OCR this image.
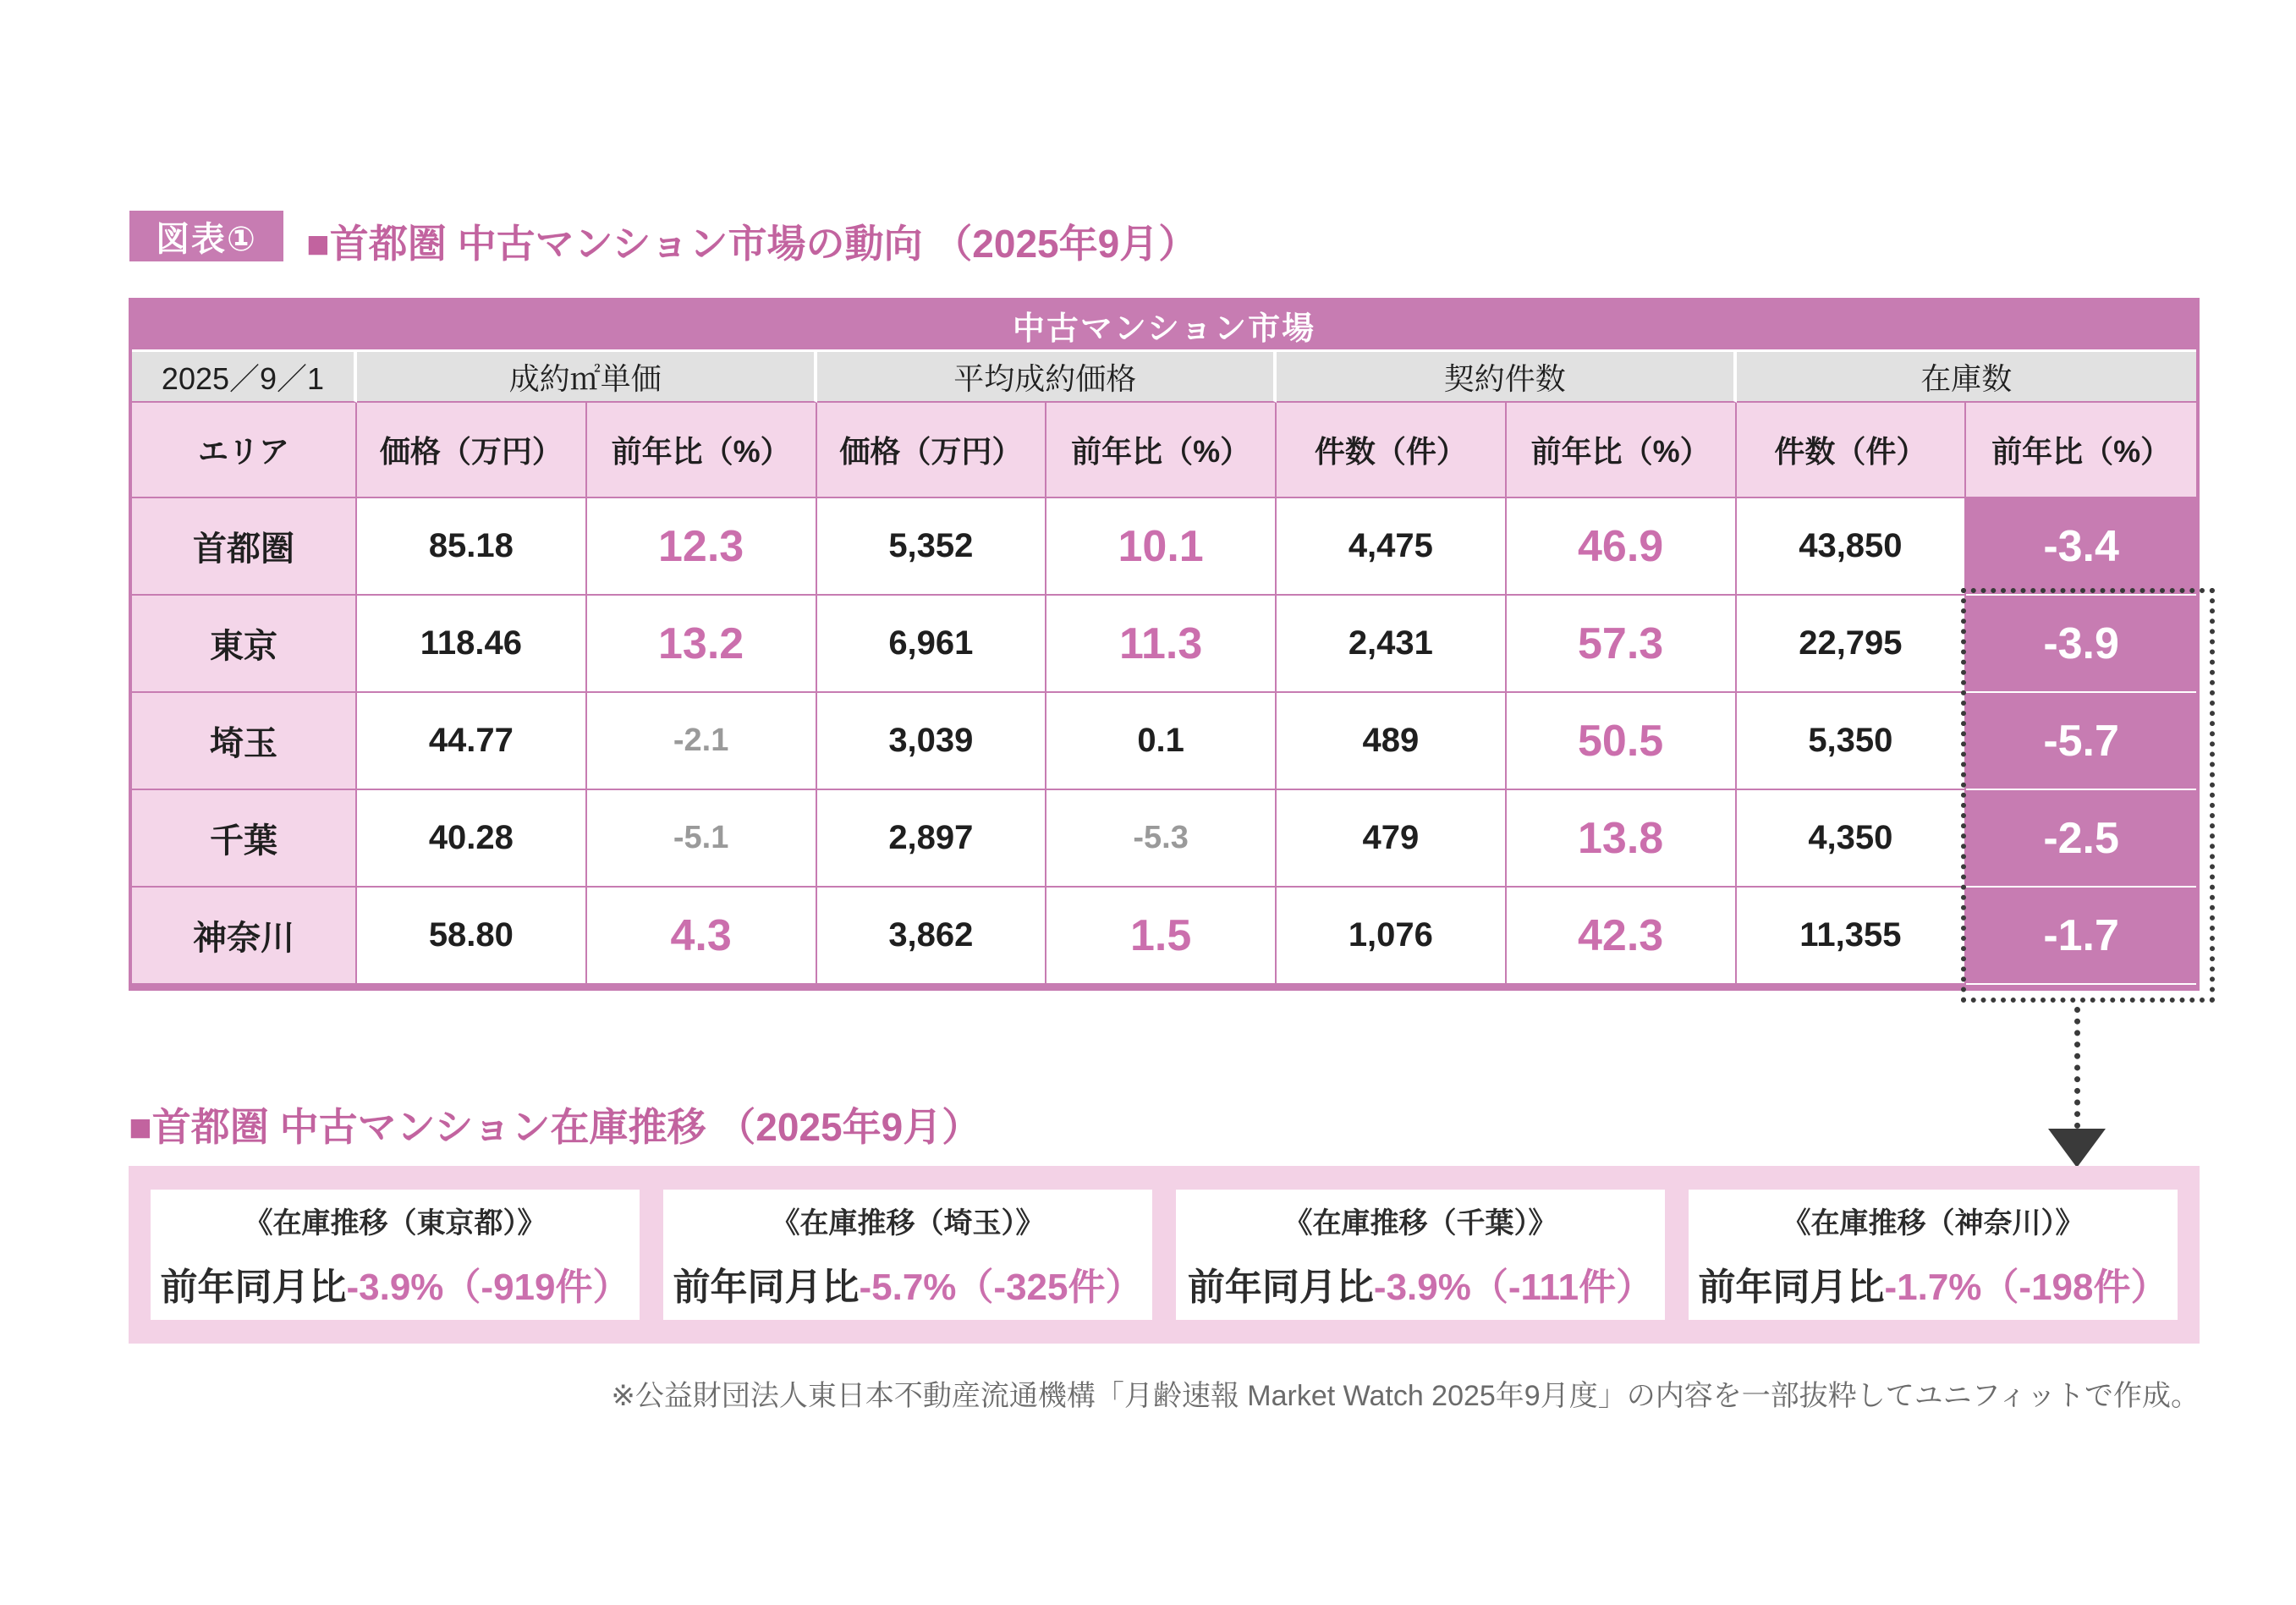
図表①	■首都圏 中古マンション市場の動向 （2025年9月）
中古マンション市場
2025／9／1	成約㎡単価	平均成約価格	契約件数	在庫数
エリア	価格（万円）	前年比（%）	価格（万円）	前年比（%）	件数（件）	前年比（%）	件数（件）	前年比（%）
首都圏	85.18	12.3	5,352	10.1	4,475	46.9	43,850	-3.4
東京	118.46	13.2	6,961	11.3	2,431	57.3	22,795	-3.9
埼玉	44.77	-2.1	3,039	0.1	489	50.5	5,350	-5.7
千葉	40.28	-5.1	2,897	-5.3	479	13.8	4,350	-2.5
神奈川	58.80	4.3	3,862	1.5	1,076	42.3	11,355	-1.7
■首都圏 中古マンション在庫推移 （2025年9月）
《在庫推移（東京都）》
前年同月比-3.9%（-919件）
《在庫推移（埼玉）》
前年同月比-5.7%（-325件）
《在庫推移（千葉）》
前年同月比-3.9%（-111件）
《在庫推移（神奈川）》
前年同月比-1.7%（-198件）
※公益財団法人東日本不動産流通機構「月齢速報 Market Watch 2025年9月度」の内容を一部抜粋してユニフィットで作成。
